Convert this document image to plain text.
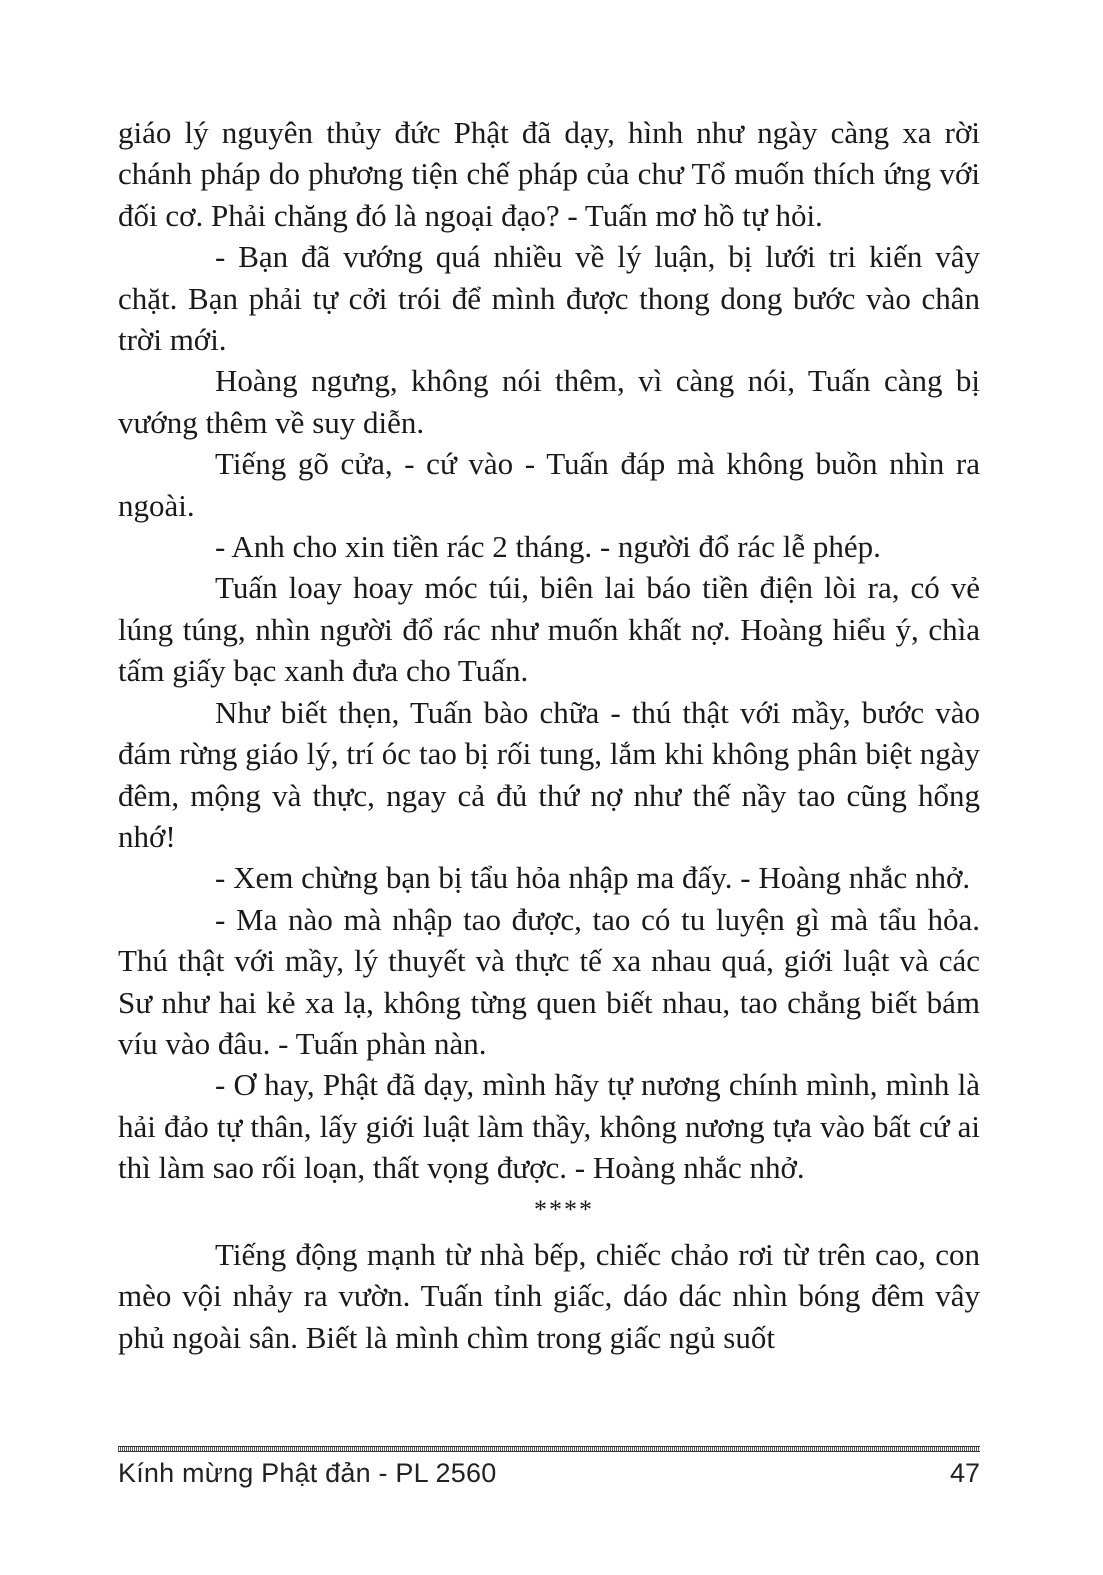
giáo lý nguyên thủy đức Phật đã dạy, hình như ngày càng xa rời chánh pháp do phương tiện chế pháp của chư Tổ muốn thích ứng với đối cơ. Phải chăng đó là ngoại đạo? - Tuấn mơ hồ tự hỏi.

- Bạn đã vướng quá nhiều về lý luận, bị lưới tri kiến vây chặt. Bạn phải tự cởi trói để mình được thong dong bước vào chân trời mới.

Hoàng ngưng, không nói thêm, vì càng nói, Tuấn càng bị vướng thêm về suy diễn.

Tiếng gõ cửa, - cứ vào - Tuấn đáp mà không buồn nhìn ra ngoài.

- Anh cho xin tiền rác 2 tháng. - người đổ rác lễ phép.

Tuấn loay hoay móc túi, biên lai báo tiền điện lòi ra, có vẻ lúng túng, nhìn người đổ rác như muốn khất nợ. Hoàng hiểu ý, chìa tấm giấy bạc xanh đưa cho Tuấn.

Như biết thẹn, Tuấn bào chữa - thú thật với mầy, bước vào đám rừng giáo lý, trí óc tao bị rối tung, lắm khi không phân biệt ngày đêm, mộng và thực, ngay cả đủ thứ nợ như thế nầy tao cũng hổng nhớ!

- Xem chừng bạn bị tẩu hỏa nhập ma đấy. - Hoàng nhắc nhở.

- Ma nào mà nhập tao được, tao có tu luyện gì mà tẩu hỏa. Thú thật với mầy, lý thuyết và thực tế xa nhau quá, giới luật và các Sư như hai kẻ xa lạ, không từng quen biết nhau, tao chẳng biết bám víu vào đâu. - Tuấn phàn nàn.

- Ơ hay, Phật đã dạy, mình hãy tự nương chính mình, mình là hải đảo tự thân, lấy giới luật làm thầy, không nương tựa vào bất cứ ai thì làm sao rối loạn, thất vọng được. - Hoàng nhắc nhở.

****

Tiếng động mạnh từ nhà bếp, chiếc chảo rơi từ trên cao, con mèo vội nhảy ra vườn. Tuấn tỉnh giấc, dáo dác nhìn bóng đêm vây phủ ngoài sân. Biết là mình chìm trong giấc ngủ suốt

Kính mừng Phật đản - PL 2560	47
